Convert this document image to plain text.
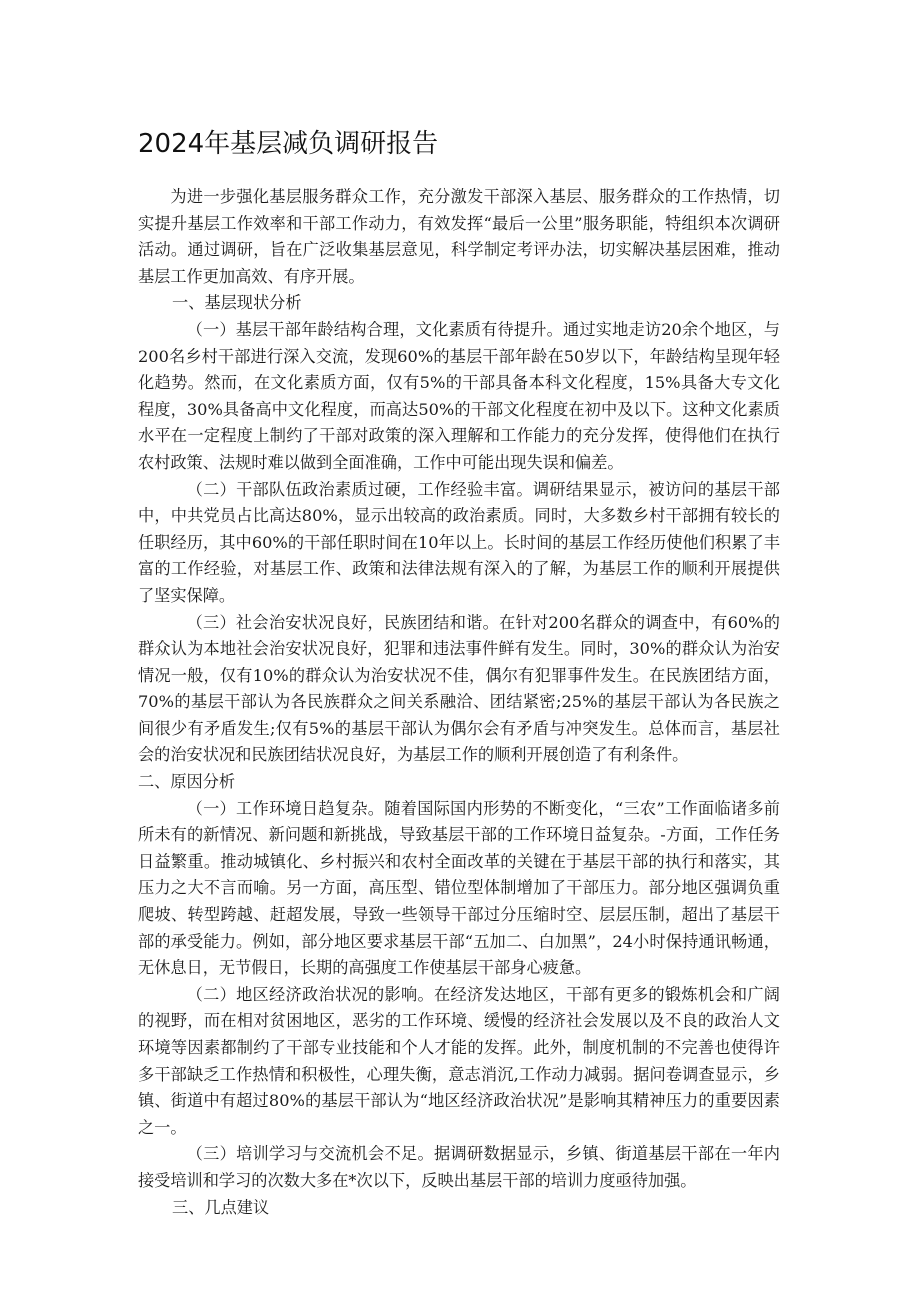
2024年基层减负调研报告

为进一步强化基层服务群众工作，充分激发干部深入基层、服务群众的工作热情，切实提升基层工作效率和干部工作动力，有效发挥“最后一公里”服务职能，特组织本次调研活动。通过调研，旨在广泛收集基层意见，科学制定考评办法，切实解决基层困难，推动基层工作更加高效、有序开展。

一、基层现状分析

（一）基层干部年龄结构合理，文化素质有待提升。通过实地走访20余个地区，与200名乡村干部进行深入交流，发现60%的基层干部年龄在50岁以下，年龄结构呈现年轻化趋势。然而，在文化素质方面，仅有5%的干部具备本科文化程度，15%具备大专文化程度，30%具备高中文化程度，而高达50%的干部文化程度在初中及以下。这种文化素质水平在一定程度上制约了干部对政策的深入理解和工作能力的充分发挥，使得他们在执行农村政策、法规时难以做到全面准确，工作中可能出现失误和偏差。

（二）干部队伍政治素质过硬，工作经验丰富。调研结果显示，被访问的基层干部中，中共党员占比高达80%，显示出较高的政治素质。同时，大多数乡村干部拥有较长的任职经历，其中60%的干部任职时间在10年以上。长时间的基层工作经历使他们积累了丰富的工作经验，对基层工作、政策和法律法规有深入的了解，为基层工作的顺利开展提供了坚实保障。

（三）社会治安状况良好，民族团结和谐。在针对200名群众的调查中，有60%的群众认为本地社会治安状况良好，犯罪和违法事件鲜有发生。同时，30%的群众认为治安情况一般，仅有10%的群众认为治安状况不佳，偶尔有犯罪事件发生。在民族团结方面，70%的基层干部认为各民族群众之间关系融洽、团结紧密;25%的基层干部认为各民族之间很少有矛盾发生;仅有5%的基层干部认为偶尔会有矛盾与冲突发生。总体而言，基层社会的治安状况和民族团结状况良好，为基层工作的顺利开展创造了有利条件。

二、原因分析

（一）工作环境日趋复杂。随着国际国内形势的不断变化，“三农”工作面临诸多前所未有的新情况、新问题和新挑战，导致基层干部的工作环境日益复杂。-方面，工作任务日益繁重。推动城镇化、乡村振兴和农村全面改革的关键在于基层干部的执行和落实，其压力之大不言而喻。另一方面，高压型、错位型体制增加了干部压力。部分地区强调负重爬坡、转型跨越、赶超发展，导致一些领导干部过分压缩时空、层层压制，超出了基层干部的承受能力。例如，部分地区要求基层干部“五加二、白加黑”，24小时保持通讯畅通，无休息日，无节假日，长期的高强度工作使基层干部身心疲惫。

（二）地区经济政治状况的影响。在经济发达地区，干部有更多的锻炼机会和广阔的视野，而在相对贫困地区，恶劣的工作环境、缓慢的经济社会发展以及不良的政治人文环境等因素都制约了干部专业技能和个人才能的发挥。此外，制度机制的不完善也使得许多干部缺乏工作热情和积极性，心理失衡，意志消沉,工作动力减弱。据问卷调查显示，乡镇、街道中有超过80%的基层干部认为“地区经济政治状况”是影响其精神压力的重要因素之一。

（三）培训学习与交流机会不足。据调研数据显示，乡镇、街道基层干部在一年内接受培训和学习的次数大多在*次以下，反映出基层干部的培训力度亟待加强。

三、几点建议
